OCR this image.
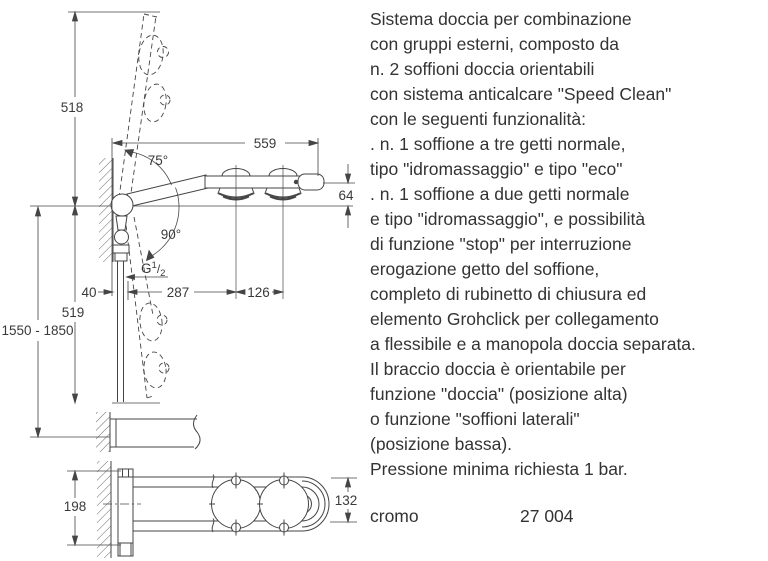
518
559
75°
64
90°
$G^1/_2$
40	287	126
519
1550 - 1850
198	132
Sistema doccia per combinazione
con gruppi esterni, composto da
n. 2 soffioni doccia orientabili
con sistema anticalcare "Speed Clean"
con le seguenti funzionalità:
. n. 1 soffione a tre getti normale,
tipo "idromassaggio" e tipo "eco"
. n. 1 soffione a due getti normale
e tipo "idromassaggio", e possibilità
di funzione "stop" per interruzione
erogazione getto del soffione,
completo di rubinetto di chiusura ed
elemento Grohclick per collegamento
a flessibile e a manopola doccia separata.
Il braccio doccia è orientabile per
funzione "doccia" (posizione alta)
o funzione "soffioni laterali"
(posizione bassa).
Pressione minima richiesta 1 bar.
cromo	27 004
